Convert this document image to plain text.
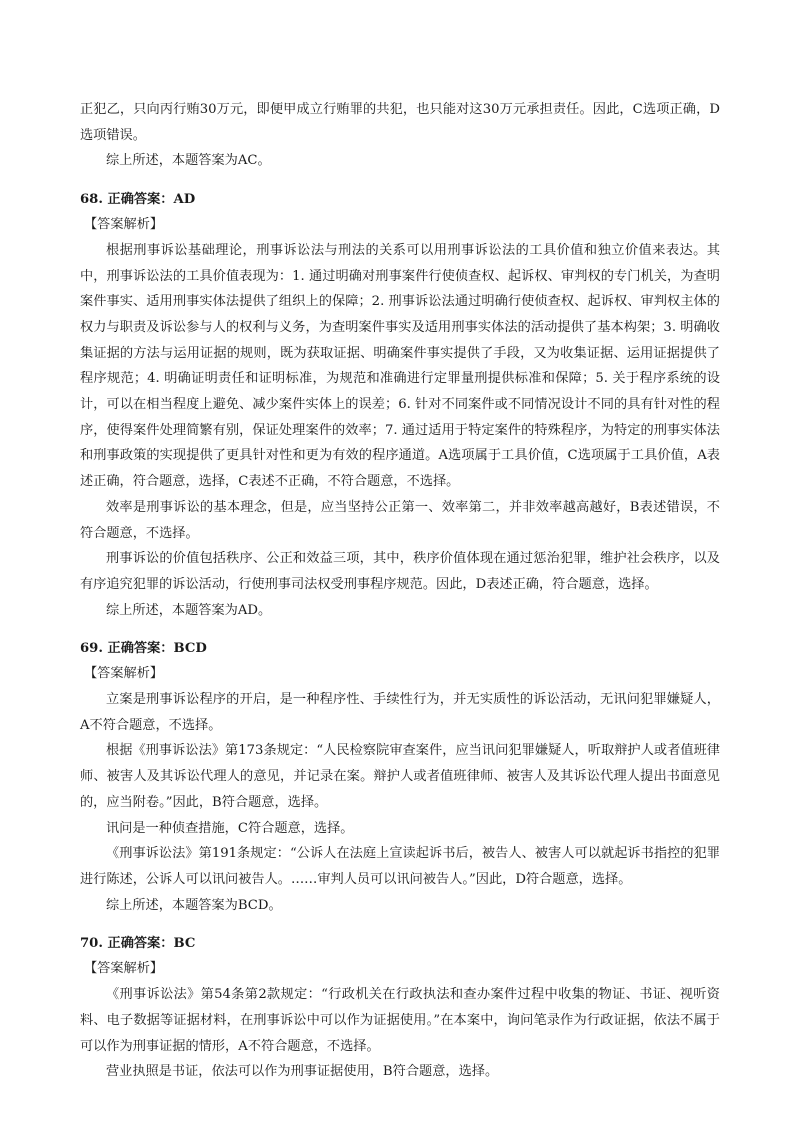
正犯乙，只向丙行贿30万元，即便甲成立行贿罪的共犯，也只能对这30万元承担责任。因此，C选项正确，D选项错误。

综上所述，本题答案为AC。

68. 正确答案：AD

【答案解析】

根据刑事诉讼基础理论，刑事诉讼法与刑法的关系可以用刑事诉讼法的工具价值和独立价值来表达。其中，刑事诉讼法的工具价值表现为：1. 通过明确对刑事案件行使侦查权、起诉权、审判权的专门机关，为查明案件事实、适用刑事实体法提供了组织上的保障；2. 刑事诉讼法通过明确行使侦查权、起诉权、审判权主体的权力与职责及诉讼参与人的权利与义务，为查明案件事实及适用刑事实体法的活动提供了基本构架；3. 明确收集证据的方法与运用证据的规则，既为获取证据、明确案件事实提供了手段，又为收集证据、运用证据提供了程序规范；4. 明确证明责任和证明标准，为规范和准确进行定罪量刑提供标准和保障；5. 关于程序系统的设计，可以在相当程度上避免、减少案件实体上的误差；6. 针对不同案件或不同情况设计不同的具有针对性的程序，使得案件处理简繁有别，保证处理案件的效率；7. 通过适用于特定案件的特殊程序，为特定的刑事实体法和刑事政策的实现提供了更具针对性和更为有效的程序通道。A选项属于工具价值，C选项属于工具价值，A表述正确，符合题意，选择，C表述不正确，不符合题意，不选择。

效率是刑事诉讼的基本理念，但是，应当坚持公正第一、效率第二，并非效率越高越好，B表述错误，不符合题意，不选择。

刑事诉讼的价值包括秩序、公正和效益三项，其中，秩序价值体现在通过惩治犯罪，维护社会秩序，以及有序追究犯罪的诉讼活动，行使刑事司法权受刑事程序规范。因此，D表述正确，符合题意，选择。

综上所述，本题答案为AD。

69. 正确答案：BCD

【答案解析】

立案是刑事诉讼程序的开启，是一种程序性、手续性行为，并无实质性的诉讼活动，无讯问犯罪嫌疑人，A不符合题意，不选择。

根据《刑事诉讼法》第173条规定：“人民检察院审查案件，应当讯问犯罪嫌疑人，听取辩护人或者值班律师、被害人及其诉讼代理人的意见，并记录在案。辩护人或者值班律师、被害人及其诉讼代理人提出书面意见的，应当附卷。”因此，B符合题意，选择。

讯问是一种侦查措施，C符合题意，选择。

《刑事诉讼法》第191条规定：“公诉人在法庭上宣读起诉书后，被告人、被害人可以就起诉书指控的犯罪进行陈述，公诉人可以讯问被告人。……审判人员可以讯问被告人。”因此，D符合题意，选择。

综上所述，本题答案为BCD。

70. 正确答案：BC

【答案解析】

《刑事诉讼法》第54条第2款规定：“行政机关在行政执法和查办案件过程中收集的物证、书证、视听资料、电子数据等证据材料，在刑事诉讼中可以作为证据使用。”在本案中，询问笔录作为行政证据，依法不属于可以作为刑事证据的情形，A不符合题意，不选择。

营业执照是书证，依法可以作为刑事证据使用，B符合题意，选择。
